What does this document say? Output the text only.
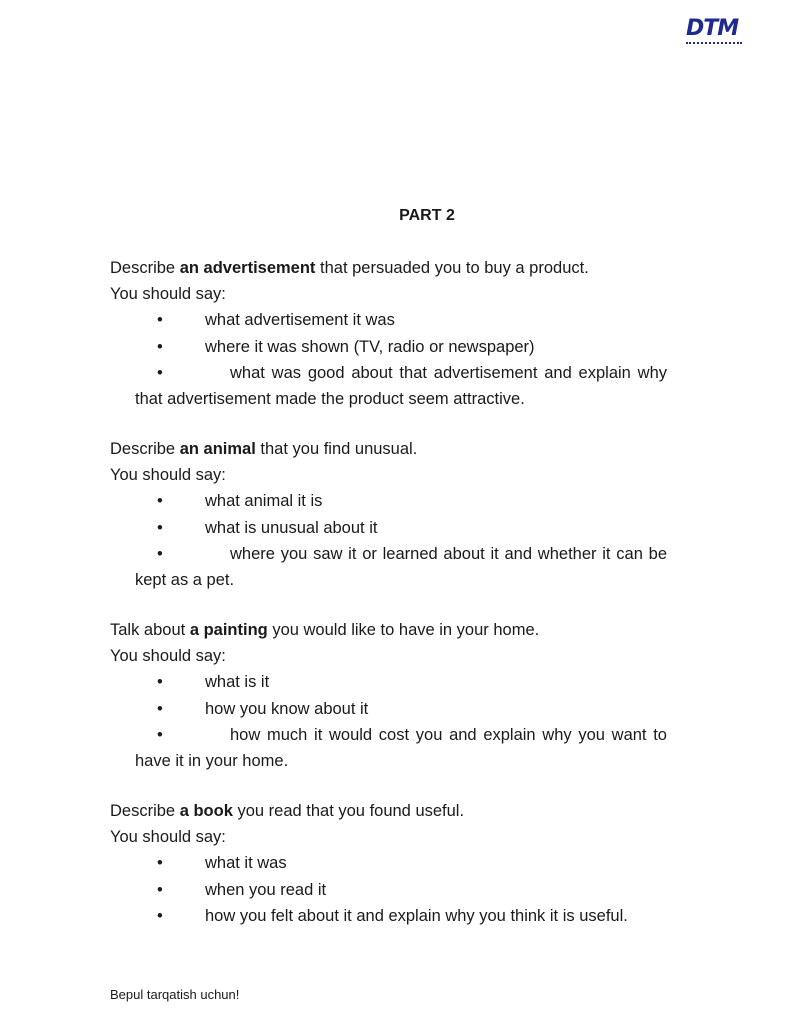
DTM
PART 2
Describe an advertisement that persuaded you to buy a product.
You should say:
•	what advertisement it was
•	where it was shown (TV, radio or newspaper)
•	what was good about that advertisement and explain why that advertisement made the product seem attractive.
Describe an animal that you find unusual.
You should say:
•	what animal it is
•	what is unusual about it
•	where you saw it or learned about it and whether it can be kept as a pet.
Talk about a painting you would like to have in your home.
You should say:
•	what is it
•	how you know about it
•	how much it would cost you and explain why you want to have it in your home.
Describe a book you read that you found useful.
You should say:
•	what it was
•	when you read it
•	how you felt about it and explain why you think it is useful.
Bepul tarqatish uchun!
